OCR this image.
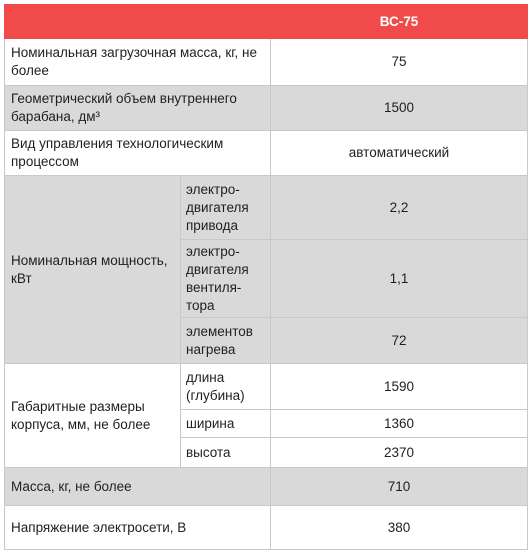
		ВС-75
Номинальная загрузочная масса, кг, не более		75
Геометрический объем внутреннего барабана, дм³		1500
Вид управления технологическим процессом		автоматический
Номинальная мощность, кВт	электро-двигателя привода	2,2
	электро-двигателя вентиля-тора	1,1
	элементов нагрева	72
Габаритные размеры корпуса, мм, не более	длина (глубина)	1590
	ширина	1360
	высота	2370
Масса, кг, не более		710
Напряжение электросети, В		380
